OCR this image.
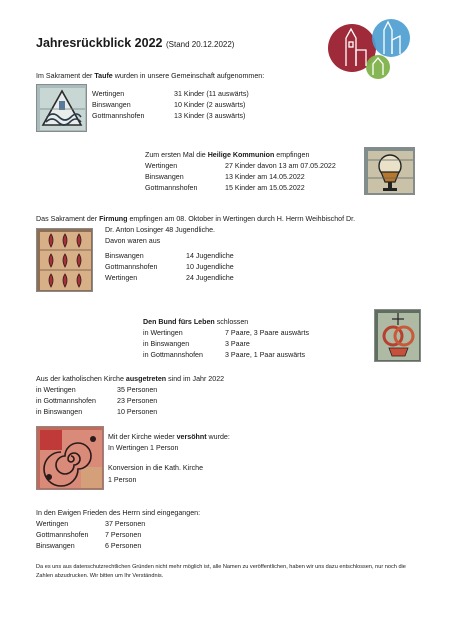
Jahresrückblick 2022 (Stand 20.12.2022)
Im Sakrament der Taufe wurden in unsere Gemeinschaft aufgenommen:
Wertingen	31 Kinder (11 auswärts)
Binswangen	10 Kinder (2 auswärts)
Gottmannshofen	13 Kinder (3 auswärts)
Zum ersten Mal die Heilige Kommunion empfingen
Wertingen	27 Kinder davon 13 am 07.05.2022
Binswangen	13 Kinder am 14.05.2022
Gottmannshofen	15 Kinder am 15.05.2022
Das Sakrament der Firmung empfingen am 08. Oktober in Wertingen durch H. Herrn Weihbischof Dr.
Dr. Anton Losinger 48 Jugendliche.
Davon waren aus
Binswangen	14 Jugendliche
Gottmannshofen	10 Jugendliche
Wertingen	24 Jugendliche
Den Bund fürs Leben schlossen
in Wertingen	7 Paare, 3 Paare auswärts
in Binswangen	3 Paare
in Gottmannshofen	3 Paare, 1 Paar auswärts
Aus der katholischen Kirche ausgetreten sind im Jahr 2022
in Wertingen	35 Personen
in Gottmannshofen	23 Personen
in Binswangen	10 Personen
Mit der Kirche wieder versöhnt wurde:
In Wertingen 1 Person
Konversion in die Kath. Kirche
1 Person
In den Ewigen Frieden des Herrn sind eingegangen:
Wertingen	37 Personen
Gottmannshofen 7 Personen
Binswangen	6 Personen
Da es uns aus datenschutzrechtlichen Gründen nicht mehr möglich ist, alle Namen zu veröffentlichen, haben wir uns dazu entschlossen, nur noch die Zahlen abzudrucken. Wir bitten um Ihr Verständnis.
